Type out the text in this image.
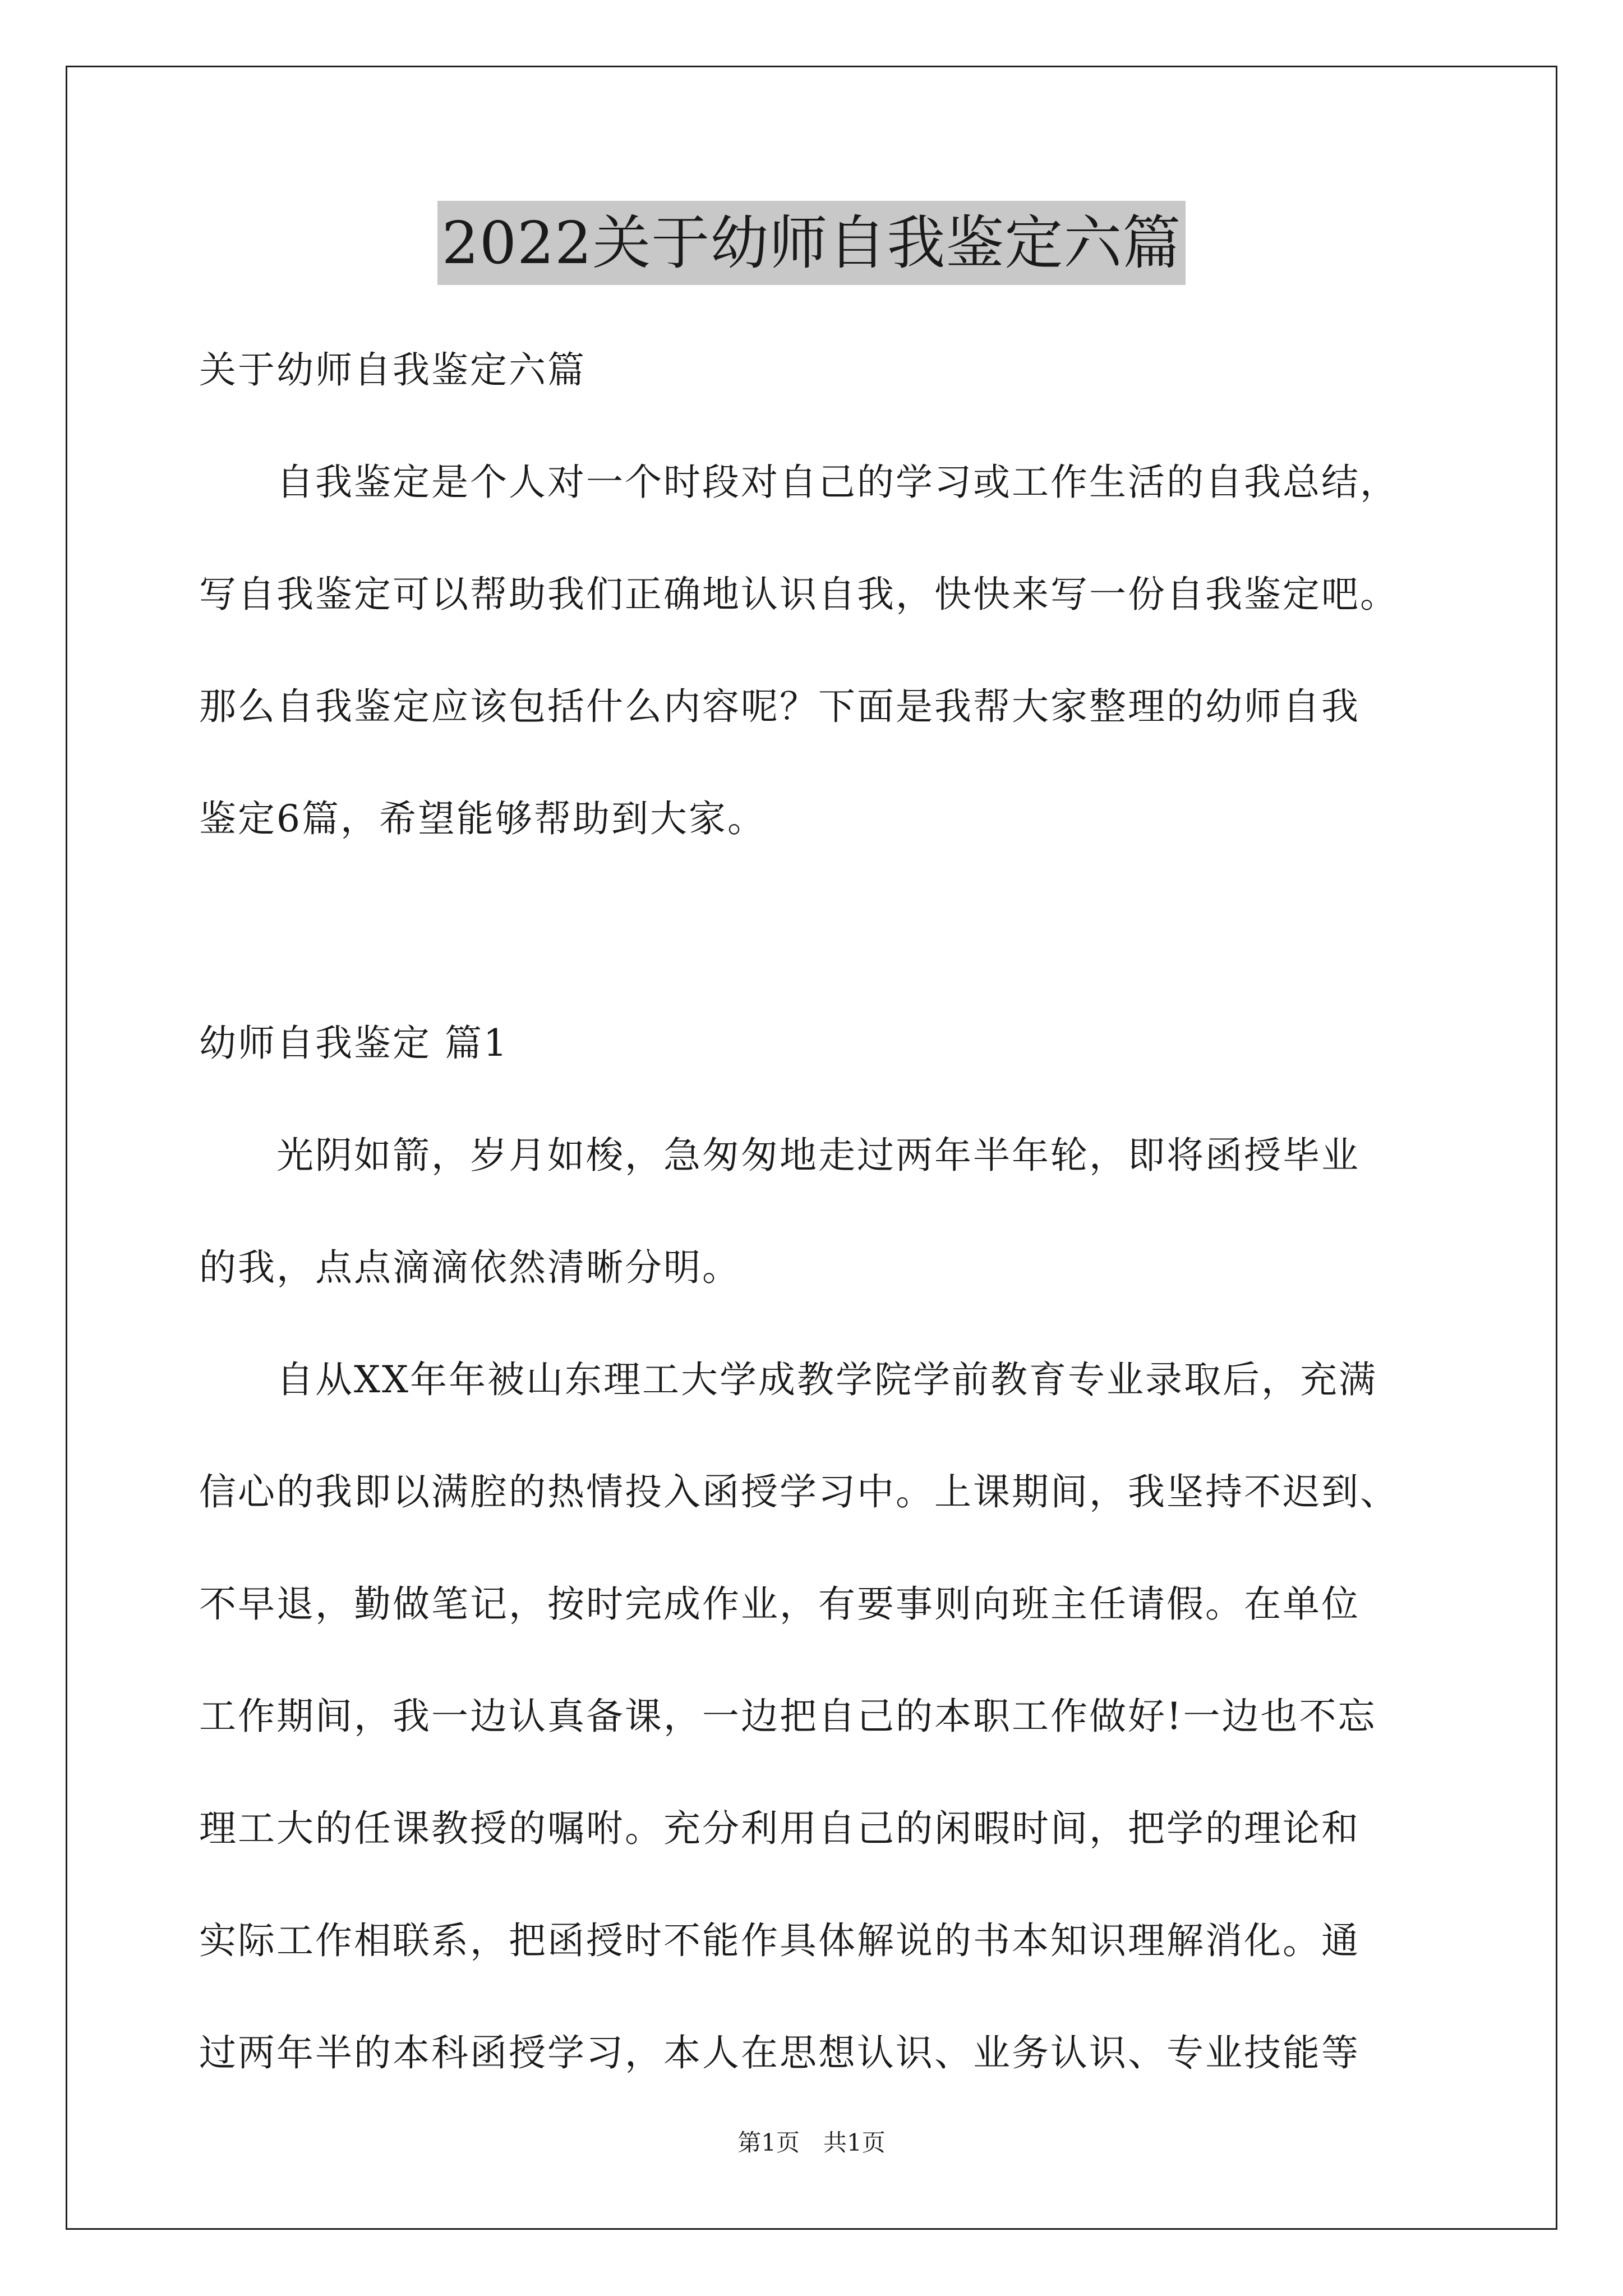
2022关于幼师自我鉴定六篇
关于幼师自我鉴定六篇
　　自我鉴定是个人对一个时段对自己的学习或工作生活的自我总结，
写自我鉴定可以帮助我们正确地认识自我，快快来写一份自我鉴定吧。
那么自我鉴定应该包括什么内容呢？下面是我帮大家整理的幼师自我
鉴定6篇，希望能够帮助到大家。
幼师自我鉴定 篇1
　　光阴如箭，岁月如梭，急匆匆地走过两年半年轮，即将函授毕业
的我，点点滴滴依然清晰分明。
　　自从XX年年被山东理工大学成教学院学前教育专业录取后，充满
信心的我即以满腔的热情投入函授学习中。上课期间，我坚持不迟到、
不早退，勤做笔记，按时完成作业，有要事则向班主任请假。在单位
工作期间，我一边认真备课，一边把自己的本职工作做好!一边也不忘
理工大的任课教授的嘱咐。充分利用自己的闲暇时间，把学的理论和
实际工作相联系，把函授时不能作具体解说的书本知识理解消化。通
过两年半的本科函授学习，本人在思想认识、业务认识、专业技能等
第1页　共1页
